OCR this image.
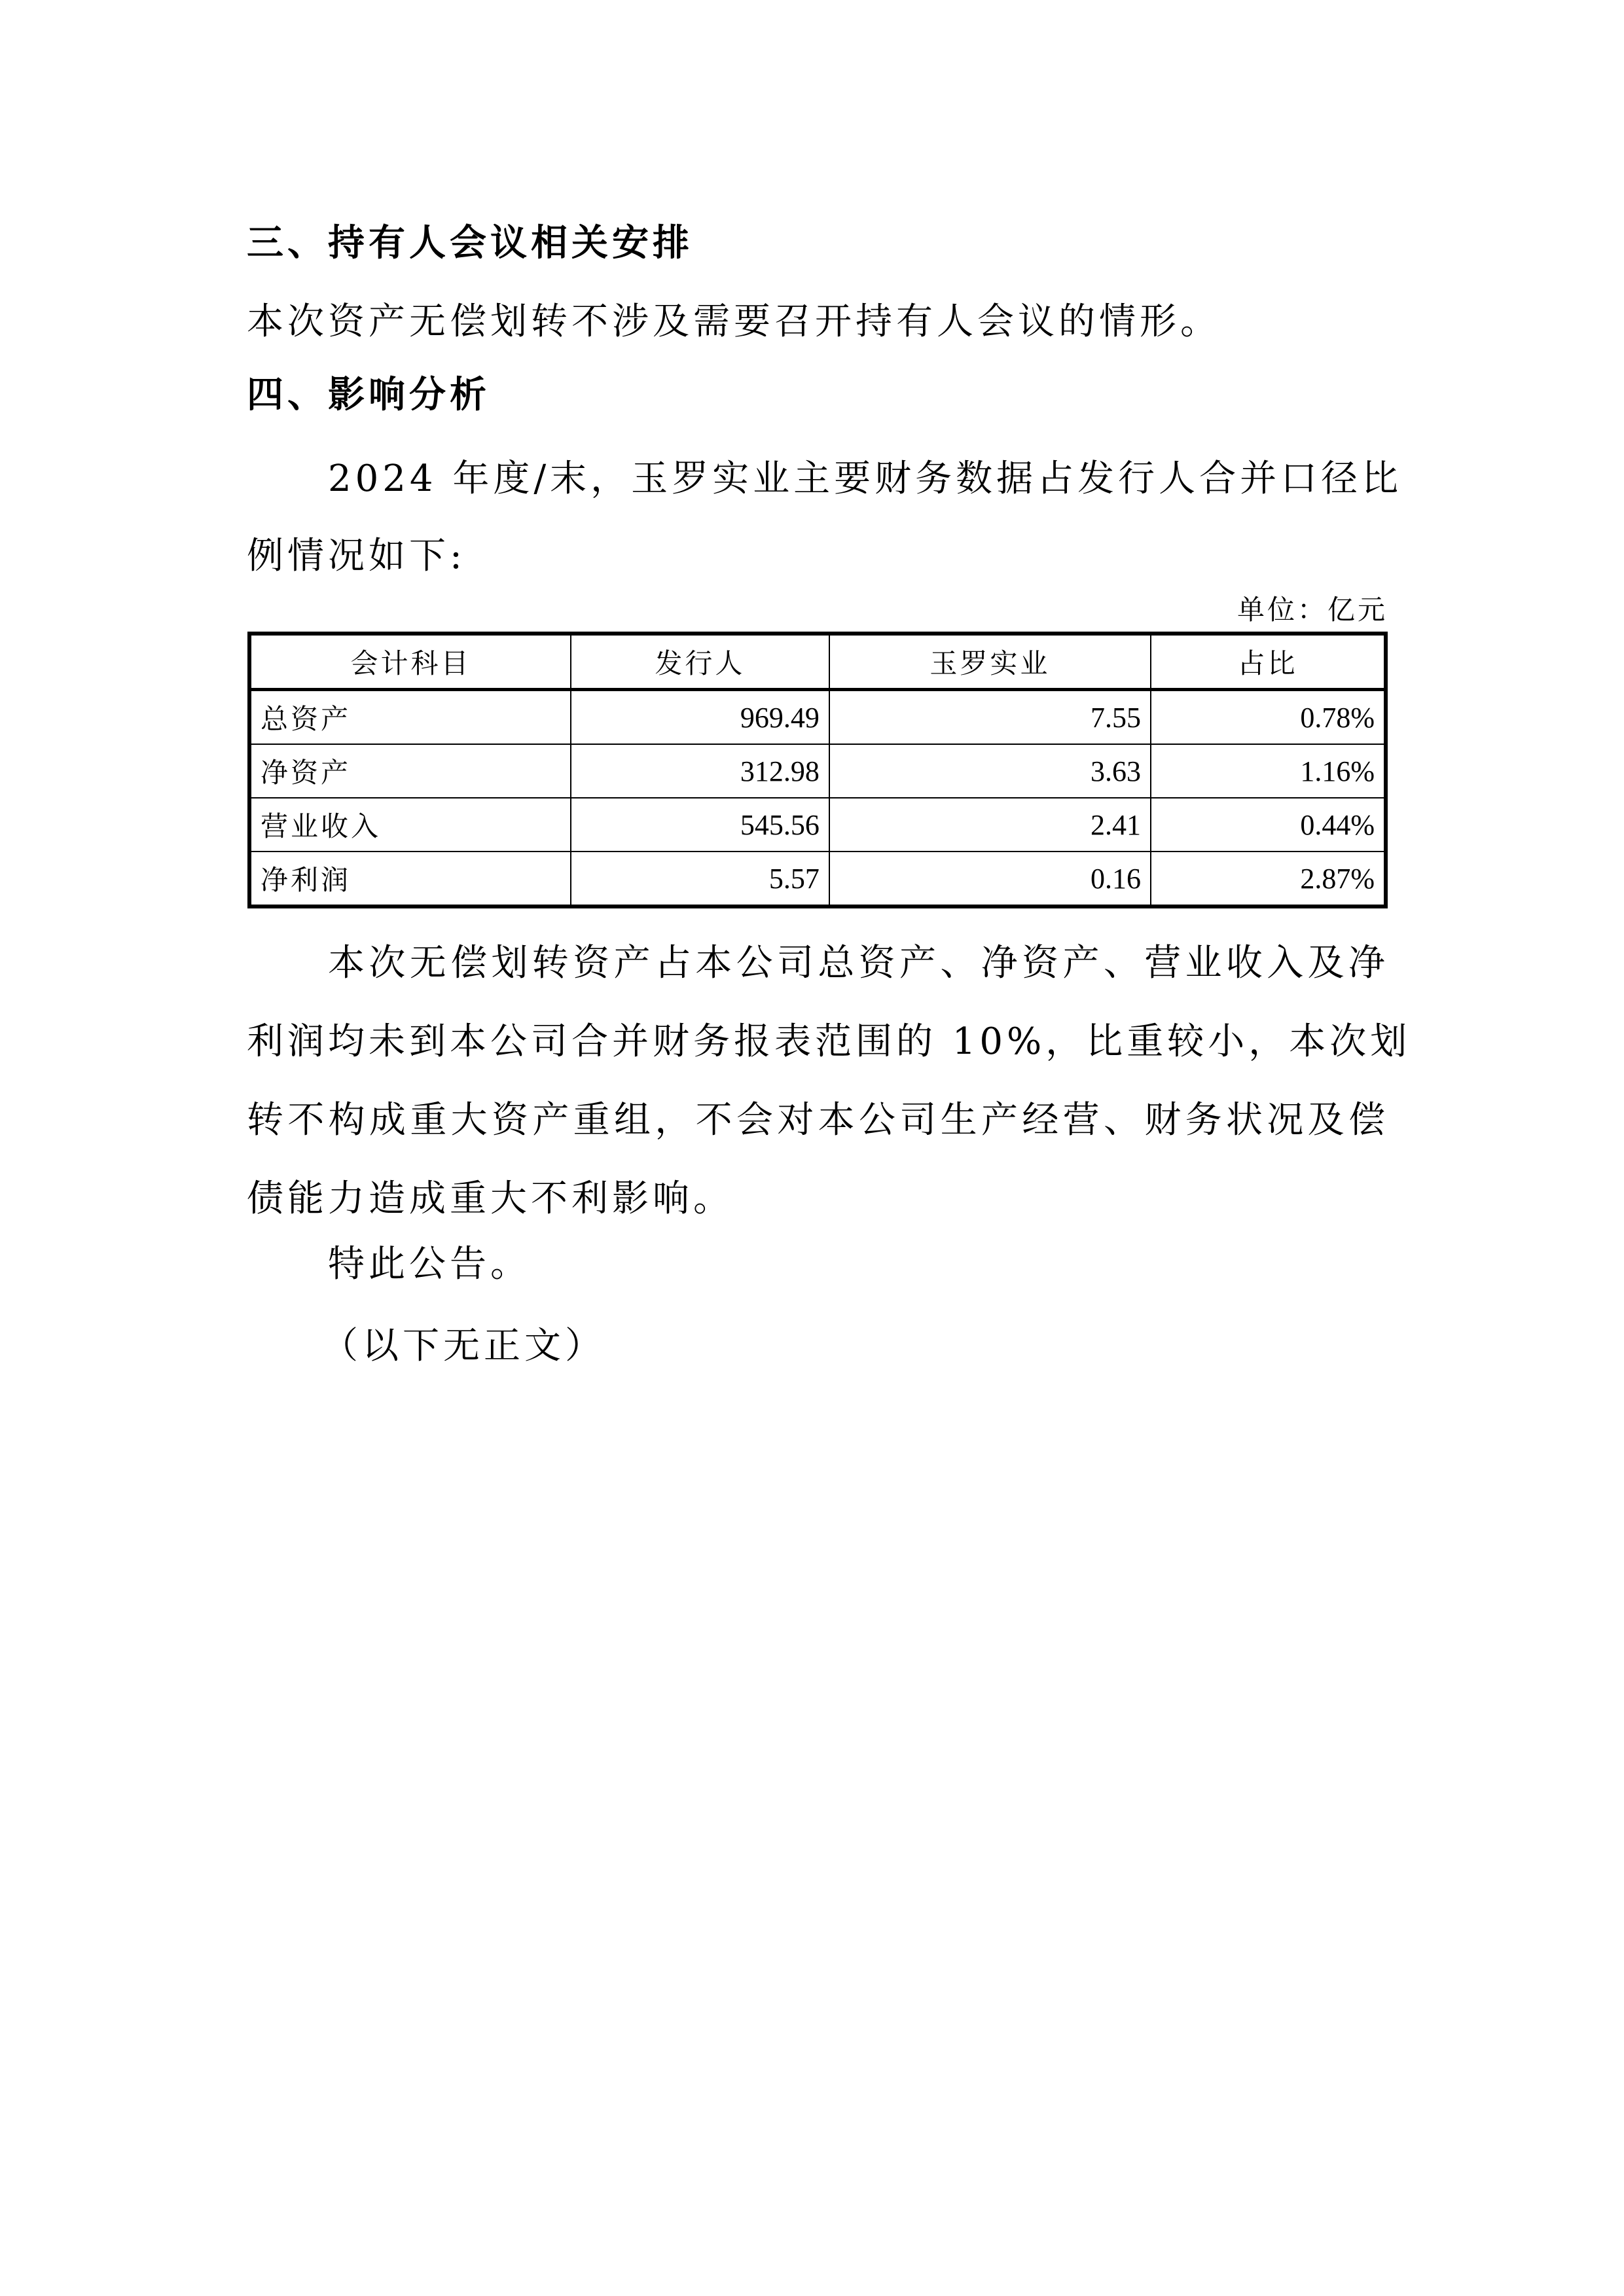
三、持有人会议相关安排
本次资产无偿划转不涉及需要召开持有人会议的情形。
四、影响分析
2024 年度/末，玉罗实业主要财务数据占发行人合并口径比
例情况如下:
单位：亿元
会计科目	发行人	玉罗实业	占比
总资产	969.49	7.55	0.78%
净资产	312.98	3.63	1.16%
营业收入	545.56	2.41	0.44%
净利润	5.57	0.16	2.87%
本次无偿划转资产占本公司总资产、净资产、营业收入及净
利润均未到本公司合并财务报表范围的 10%，比重较小，本次划
转不构成重大资产重组，不会对本公司生产经营、财务状况及偿
债能力造成重大不利影响。
特此公告。
（以下无正文）
